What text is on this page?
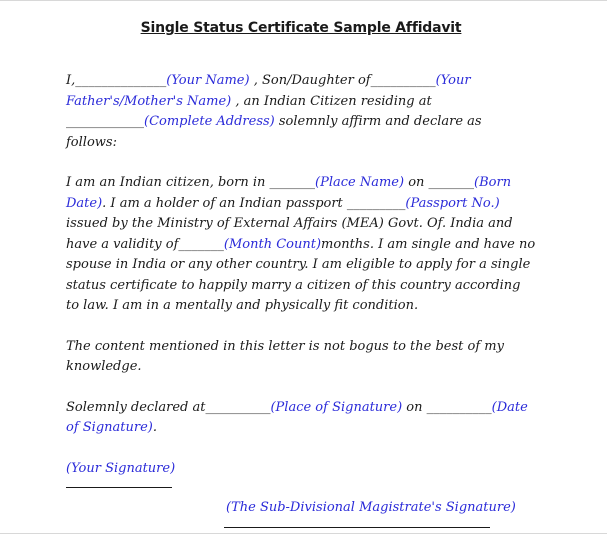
Single Status Certificate Sample Affidavit

I,______________(Your Name) , Son/Daughter of__________(Your Father's/Mother's Name) , an Indian Citizen residing at ____________(Complete Address) solemnly affirm and declare as follows:

I am an Indian citizen, born in _______(Place Name) on _______(Born Date). I am a holder of an Indian passport _________(Passport No.) issued by the Ministry of External Affairs (MEA) Govt. Of. India and have a validity of_______(Month Count)months. I am single and have no spouse in India or any other country. I am eligible to apply for a single status certificate to happily marry a citizen of this country according to law. I am in a mentally and physically fit condition.

The content mentioned in this letter is not bogus to the best of my knowledge.

Solemnly declared at__________(Place of Signature) on __________(Date of Signature).

(Your Signature)

(The Sub-Divisional Magistrate's Signature)
